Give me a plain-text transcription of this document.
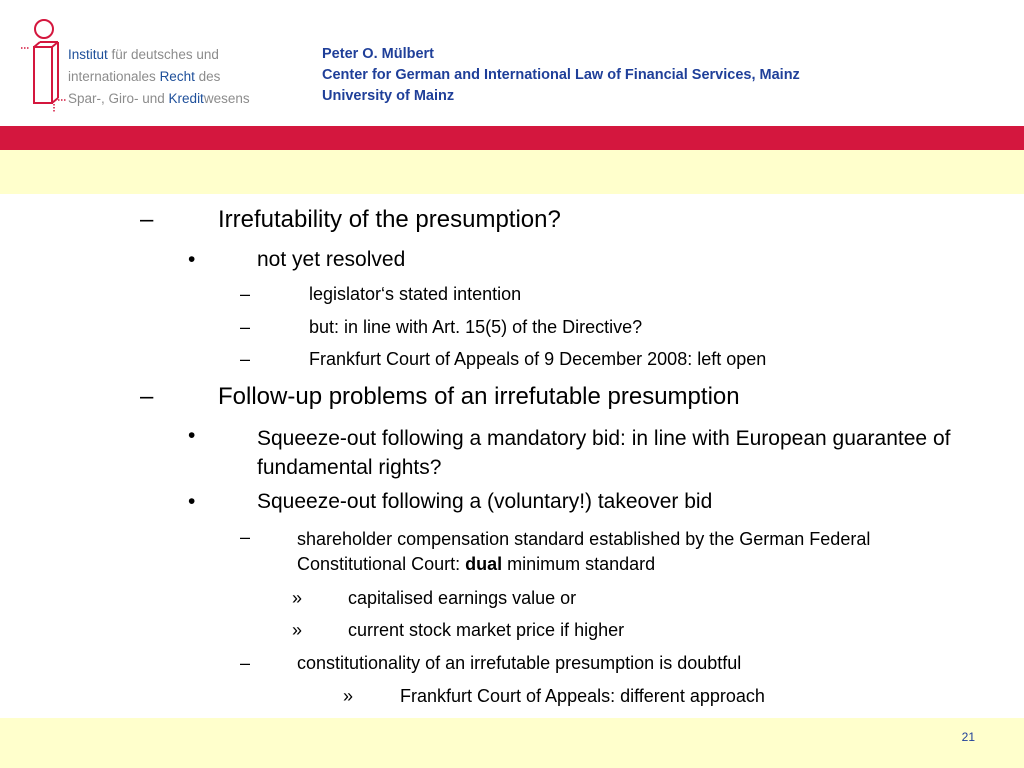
Institut für deutsches und
internationales Recht des
Spar-, Giro- und Kreditwesens
Peter O. Mülbert
Center for German and International Law of Financial Services, Mainz
University of Mainz
–	Irrefutability of the presumption?
•	not yet resolved
–	legislator‘s stated intention
–	but: in line with Art. 15(5) of the Directive?
–	Frankfurt Court of Appeals of 9 December 2008: left open
–	Follow-up problems of an irrefutable presumption
•	Squeeze-out following a mandatory bid: in line with European guarantee of fundamental rights?
•	Squeeze-out following a (voluntary!) takeover bid
–	shareholder compensation standard established by the German Federal Constitutional Court: dual minimum standard
»	capitalised earnings value or
»	current stock market price if higher
–	constitutionality of an irrefutable presumption is doubtful
»	Frankfurt Court of Appeals: different approach
21
